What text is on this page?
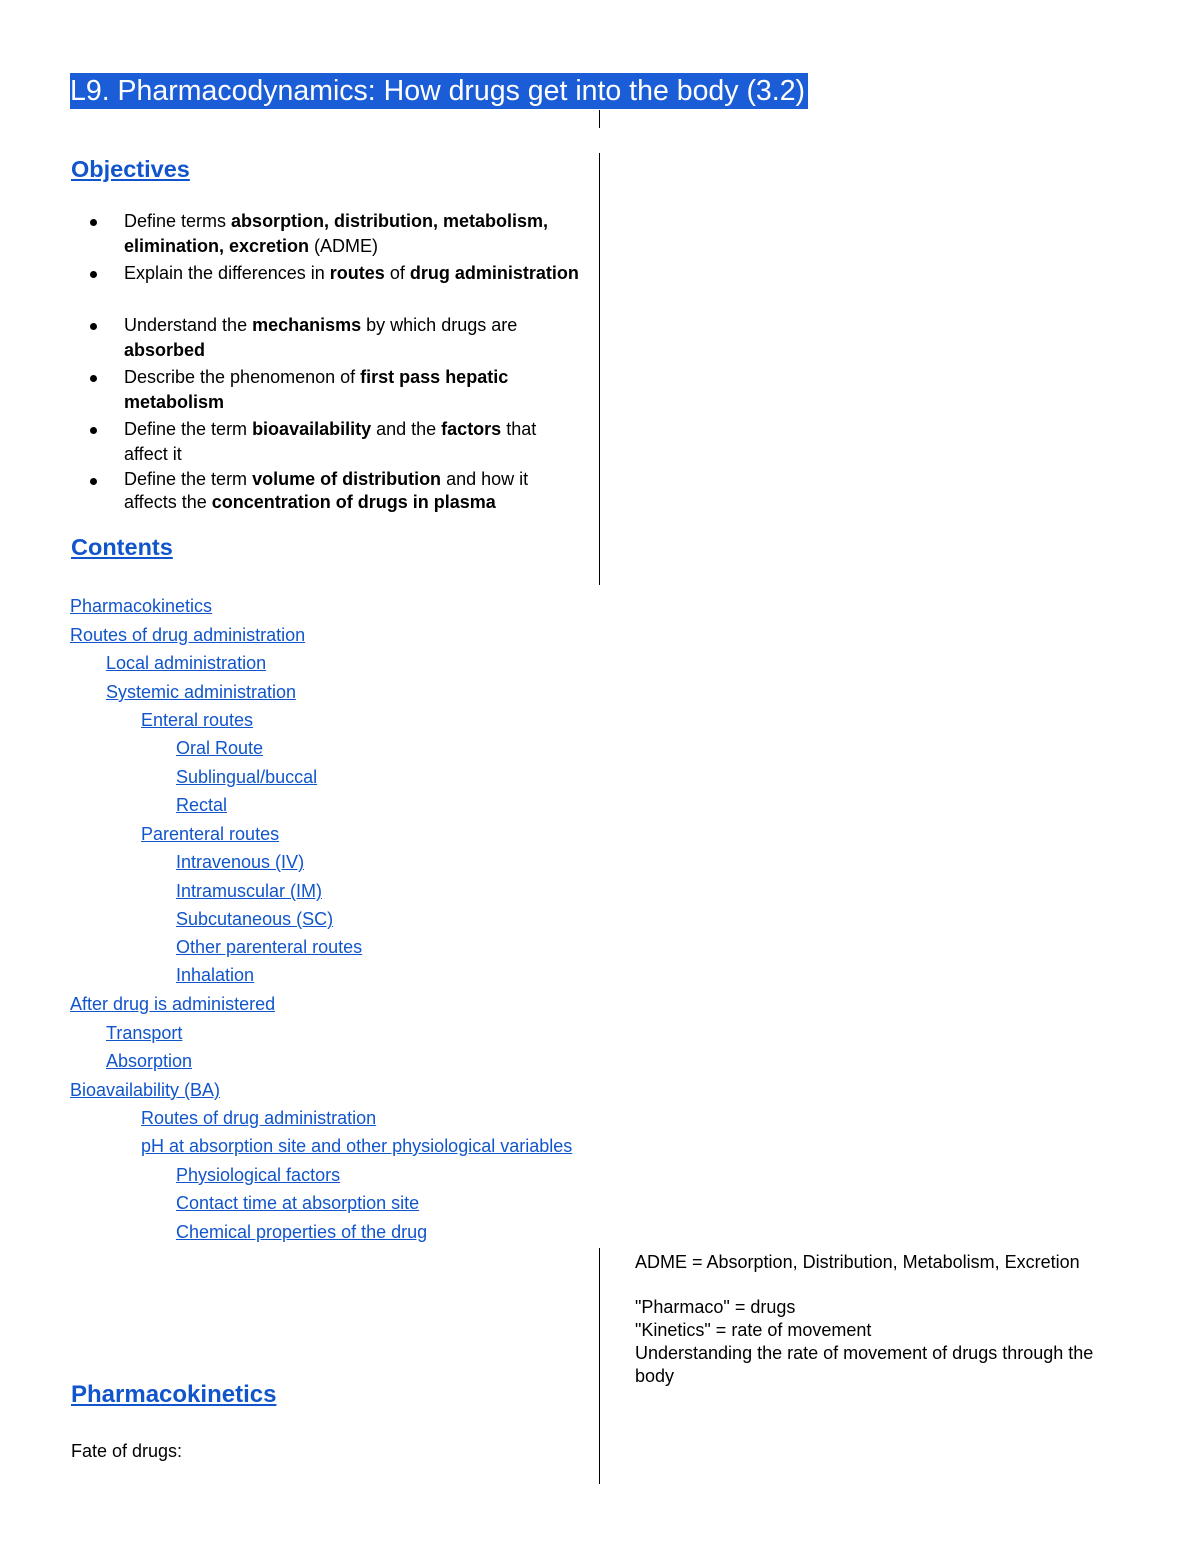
L9. Pharmacodynamics: How drugs get into the body (3.2)
Objectives
Define terms absorption, distribution, metabolism, elimination, excretion (ADME)
Explain the differences in routes of drug administration
Understand the mechanisms by which drugs are absorbed
Describe the phenomenon of first pass hepatic metabolism
Define the term bioavailability and the factors that affect it
Define the term volume of distribution and how it affects the concentration of drugs in plasma
Contents
Pharmacokinetics
Routes of drug administration
Local administration
Systemic administration
Enteral routes
Oral Route
Sublingual/buccal
Rectal
Parenteral routes
Intravenous (IV)
Intramuscular (IM)
Subcutaneous (SC)
Other parenteral routes
Inhalation
After drug is administered
Transport
Absorption
Bioavailability (BA)
Routes of drug administration
pH at absorption site and other physiological variables
Physiological factors
Contact time at absorption site
Chemical properties of the drug
ADME = Absorption, Distribution, Metabolism, Excretion
"Pharmaco" = drugs
"Kinetics" = rate of movement
Understanding the rate of movement of drugs through the body
Pharmacokinetics
Fate of drugs:
